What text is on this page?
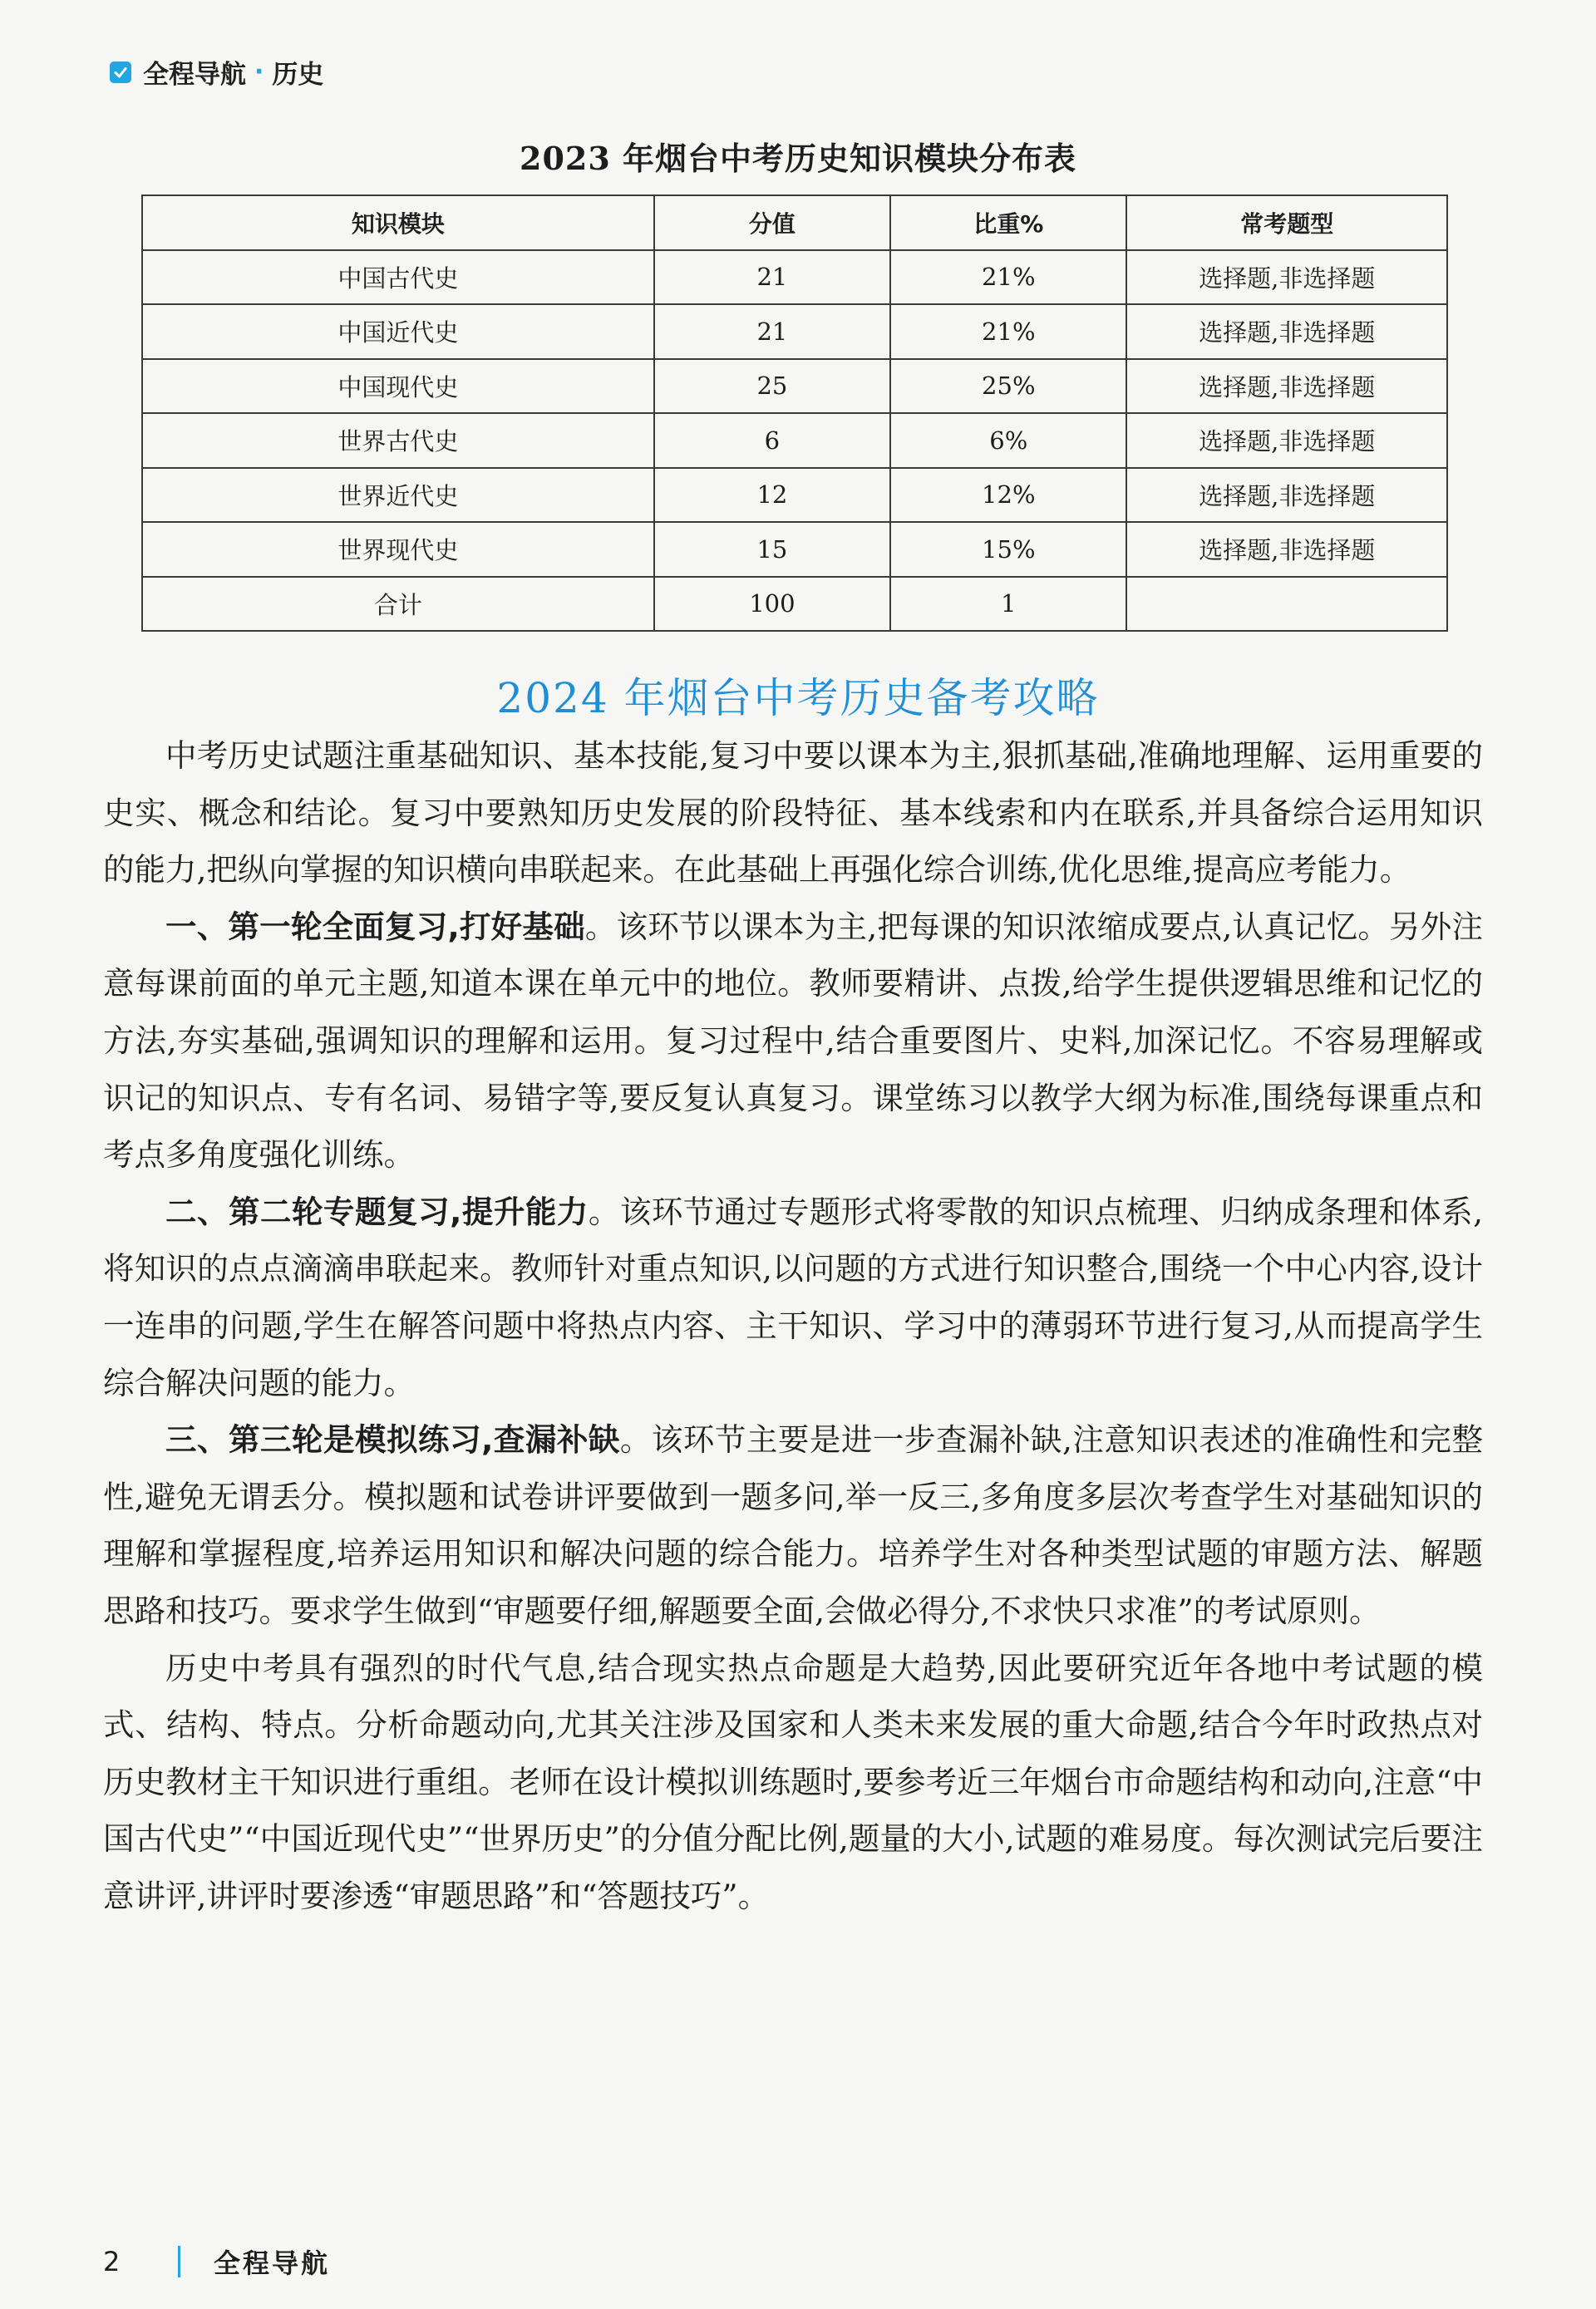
全程导航 · 历史
2023 年烟台中考历史知识模块分布表
知识模块	分值	比重%	常考题型
中国古代史	21	21%	选择题,非选择题
中国近代史	21	21%	选择题,非选择题
中国现代史	25	25%	选择题,非选择题
世界古代史	6	6%	选择题,非选择题
世界近代史	12	12%	选择题,非选择题
世界现代史	15	15%	选择题,非选择题
合计	100	1	
2024 年烟台中考历史备考攻略

中考历史试题注重基础知识、基本技能,复习中要以课本为主,狠抓基础,准确地理解、运用重要的史实、概念和结论。复习中要熟知历史发展的阶段特征、基本线索和内在联系,并具备综合运用知识的能力,把纵向掌握的知识横向串联起来。在此基础上再强化综合训练,优化思维,提高应考能力。

一、第一轮全面复习,打好基础。该环节以课本为主,把每课的知识浓缩成要点,认真记忆。另外注意每课前面的单元主题,知道本课在单元中的地位。教师要精讲、点拨,给学生提供逻辑思维和记忆的方法,夯实基础,强调知识的理解和运用。复习过程中,结合重要图片、史料,加深记忆。不容易理解或识记的知识点、专有名词、易错字等,要反复认真复习。课堂练习以教学大纲为标准,围绕每课重点和考点多角度强化训练。

二、第二轮专题复习,提升能力。该环节通过专题形式将零散的知识点梳理、归纳成条理和体系,将知识的点点滴滴串联起来。教师针对重点知识,以问题的方式进行知识整合,围绕一个中心内容,设计一连串的问题,学生在解答问题中将热点内容、主干知识、学习中的薄弱环节进行复习,从而提高学生综合解决问题的能力。

三、第三轮是模拟练习,查漏补缺。该环节主要是进一步查漏补缺,注意知识表述的准确性和完整性,避免无谓丢分。模拟题和试卷讲评要做到一题多问,举一反三,多角度多层次考查学生对基础知识的理解和掌握程度,培养运用知识和解决问题的综合能力。培养学生对各种类型试题的审题方法、解题思路和技巧。要求学生做到“审题要仔细,解题要全面,会做必得分,不求快只求准”的考试原则。

历史中考具有强烈的时代气息,结合现实热点命题是大趋势,因此要研究近年各地中考试题的模式、结构、特点。分析命题动向,尤其关注涉及国家和人类未来发展的重大命题,结合今年时政热点对历史教材主干知识进行重组。老师在设计模拟训练题时,要参考近三年烟台市命题结构和动向,注意“中国古代史”“中国近现代史”“世界历史”的分值分配比例,题量的大小,试题的难易度。每次测试完后要注意讲评,讲评时要渗透“审题思路”和“答题技巧”。

2	全程导航
